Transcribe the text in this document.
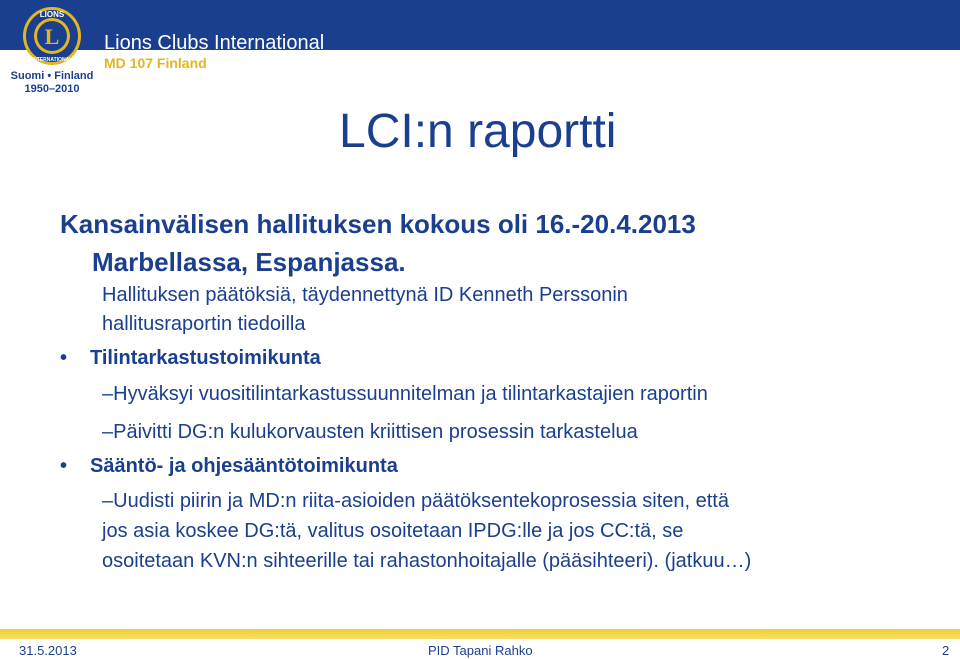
L
LIONS
INTERNATIONAL
Suomi • Finland
1950–2010
Lions Clubs International
MD 107 Finland
LCI:n raportti
Kansainvälisen hallituksen kokous oli 16.-20.4.2013
Marbellassa, Espanjassa.
Hallituksen päätöksiä, täydennettynä ID Kenneth Perssonin
hallitusraportin tiedoilla
• Tilintarkastustoimikunta
–Hyväksyi vuositilintarkastussuunnitelman ja tilintarkastajien raportin
–Päivitti DG:n kulukorvausten kriittisen prosessin tarkastelua
• Sääntö- ja ohjesääntötoimikunta
–Uudisti piirin ja MD:n riita-asioiden päätöksentekoprosessia siten, että
jos asia koskee DG:tä, valitus osoitetaan IPDG:lle ja jos CC:tä, se
osoitetaan KVN:n sihteerille tai rahastonhoitajalle (pääsihteeri). (jatkuu…)
31.5.2013	PID Tapani Rahko	2
